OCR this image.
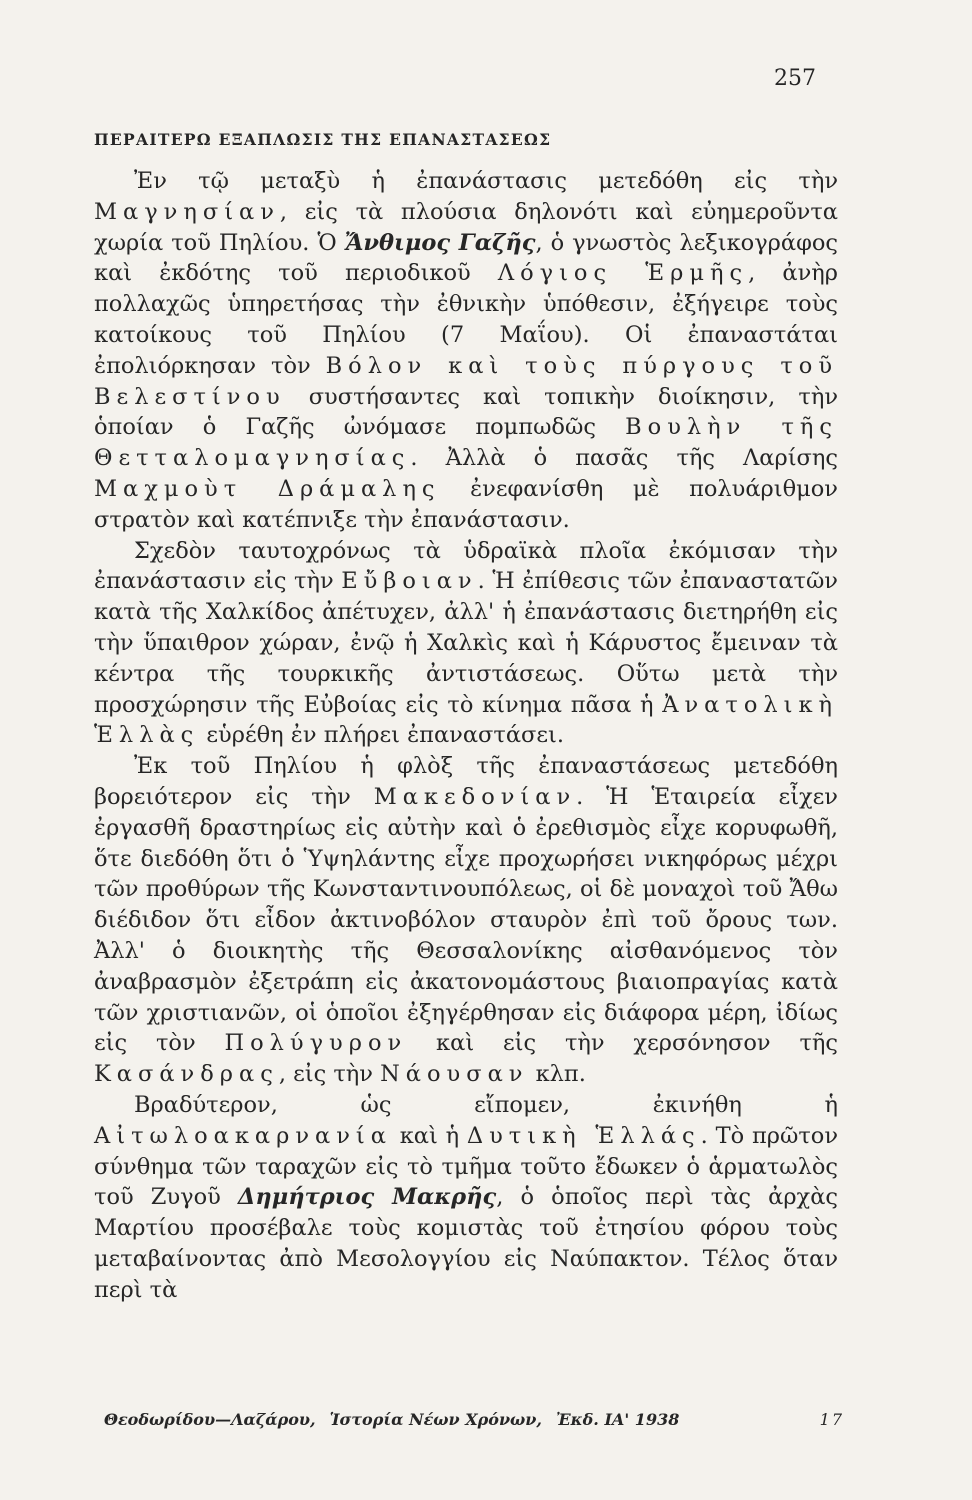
257
ΠΕΡΑΙΤΕΡΩ ΕΞΑΠΛΩΣΙΣ ΤΗΣ ΕΠΑΝΑΣΤΑΣΕΩΣ

Ἐν τῷ μεταξὺ ἡ ἐπανάστασις μετεδόθη εἰς τὴν Μαγνησίαν, εἰς τὰ πλούσια δηλονότι καὶ εὐημεροῦντα χωρία τοῦ Πηλίου. Ὁ Ἄνθιμος Γαζῆς, ὁ γνωστὸς λεξικογράφος καὶ ἐκδότης τοῦ περιοδικοῦ Λόγιος Ἑρμῆς, ἀνὴρ πολλαχῶς ὑπηρετήσας τὴν ἐθνικὴν ὑπόθεσιν, ἐξήγειρε τοὺς κατοίκους τοῦ Πηλίου (7 Μαΐου). Οἱ ἐπαναστάται ἐπολιόρκησαν τὸν Βόλον καὶ τοὺς πύργους τοῦ Βελεστίνου συστήσαντες καὶ τοπικὴν διοίκησιν, τὴν ὁποίαν ὁ Γαζῆς ὠνόμασε πομπωδῶς Βουλὴν τῆς Θετταλομαγνησίας. Ἀλλὰ ὁ πασᾶς τῆς Λαρίσης Μαχμοὺτ Δράμαλης ἐνεφανίσθη μὲ πολυάριθμον στρατὸν καὶ κατέπνιξε τὴν ἐπανάστασιν.

Σχεδὸν ταυτοχρόνως τὰ ὑδραϊκὰ πλοῖα ἐκόμισαν τὴν ἐπανάστασιν εἰς τὴν Εὔβοιαν. Ἡ ἐπίθεσις τῶν ἐπαναστατῶν κατὰ τῆς Χαλκίδος ἀπέτυχεν, ἀλλ' ἡ ἐπανάστασις διετηρήθη εἰς τὴν ὕπαιθρον χώραν, ἐνῷ ἡ Χαλκὶς καὶ ἡ Κάρυστος ἔμειναν τὰ κέντρα τῆς τουρκικῆς ἀντιστάσεως. Οὕτω μετὰ τὴν προσχώρησιν τῆς Εὐβοίας εἰς τὸ κίνημα πᾶσα ἡ Ἀνατολικὴ Ἑλλὰς εὑρέθη ἐν πλήρει ἐπαναστάσει.

Ἐκ τοῦ Πηλίου ἡ φλὸξ τῆς ἐπαναστάσεως μετεδόθη βορειότερον εἰς τὴν Μακεδονίαν. Ἡ Ἑταιρεία εἶχεν ἐργασθῆ δραστηρίως εἰς αὐτὴν καὶ ὁ ἐρεθισμὸς εἶχε κορυφωθῆ, ὅτε διεδόθη ὅτι ὁ Ὑψηλάντης εἶχε προχωρήσει νικηφόρως μέχρι τῶν προθύρων τῆς Κωνσταντινουπόλεως, οἱ δὲ μοναχοὶ τοῦ Ἄθω διέδιδον ὅτι εἶδον ἀκτινοβόλον σταυρὸν ἐπὶ τοῦ ὄρους των. Ἀλλ' ὁ διοικητὴς τῆς Θεσσαλονίκης αἰσθανόμενος τὸν ἀναβρασμὸν ἐξετράπη εἰς ἀκατονομάστους βιαιοπραγίας κατὰ τῶν χριστιανῶν, οἱ ὁποῖοι ἐξηγέρθησαν εἰς διάφορα μέρη, ἰδίως εἰς τὸν Πολύγυρον καὶ εἰς τὴν χερσόνησον τῆς Κασάνδρας, εἰς τὴν Νάουσαν κλπ.

Βραδύτερον, ὡς εἴπομεν, ἐκινήθη ἡ Αἰτωλοακαρνανία καὶ ἡ Δυτικὴ Ἑλλάς. Τὸ πρῶτον σύνθημα τῶν ταραχῶν εἰς τὸ τμῆμα τοῦτο ἔδωκεν ὁ ἁρματωλὸς τοῦ Ζυγοῦ Δημήτριος Μακρῆς, ὁ ὁποῖος περὶ τὰς ἀρχὰς Μαρτίου προσέβαλε τοὺς κομιστὰς τοῦ ἐτησίου φόρου τοὺς μεταβαίνοντας ἀπὸ Μεσολογγίου εἰς Ναύπακτον. Τέλος ὅταν περὶ τὰ

Θεοδωρίδου—Λαζάρου, Ἱστορία Νέων Χρόνων, Ἐκδ. ΙΑ' 1938	17
